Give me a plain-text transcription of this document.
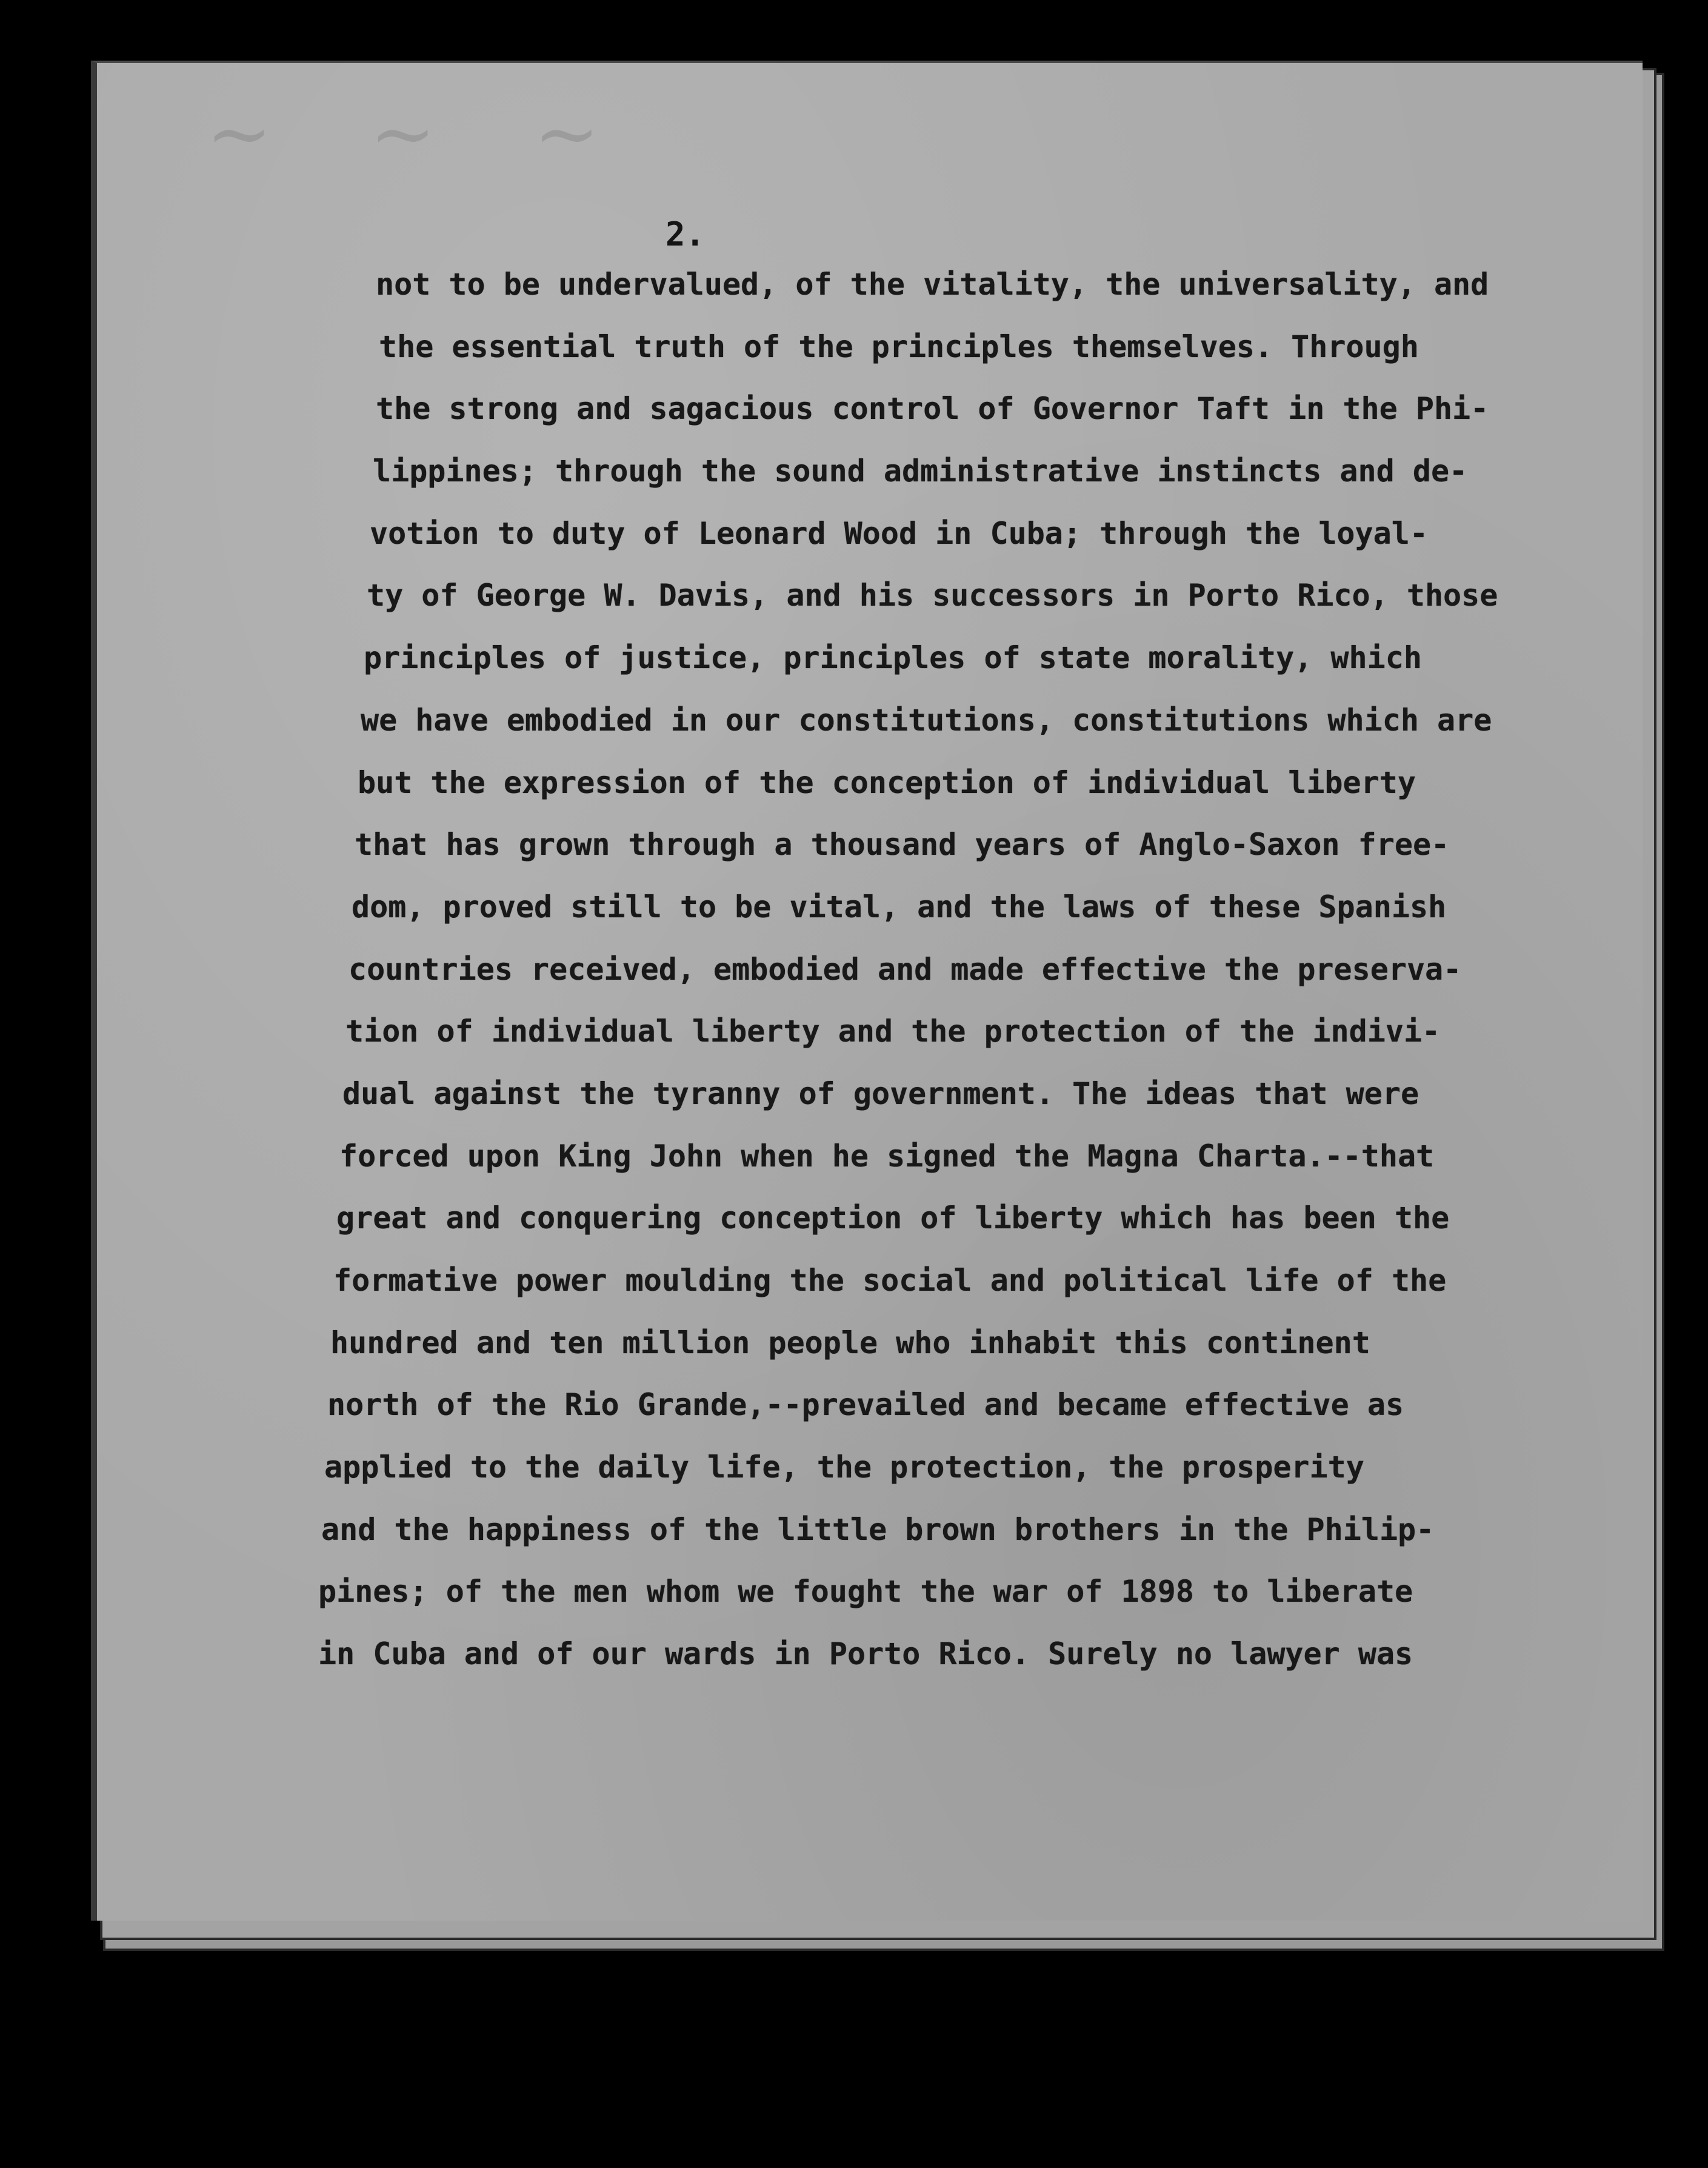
~ ~ ~
2.
not to be undervalued, of the vitality, the universality, and
the essential truth of the principles themselves. Through
the strong and sagacious control of Governor Taft in the Phi-
lippines; through the sound administrative instincts and de-
votion to duty of Leonard Wood in Cuba; through the loyal-
ty of George W. Davis, and his successors in Porto Rico, those
principles of justice, principles of state morality, which
we have embodied in our constitutions, constitutions which are
but the expression of the conception of individual liberty
that has grown through a thousand years of Anglo-Saxon free-
dom, proved still to be vital, and the laws of these Spanish
countries received, embodied and made effective the preserva-
tion of individual liberty and the protection of the indivi-
dual against the tyranny of government. The ideas that were
forced upon King John when he signed the Magna Charta.--that
great and conquering conception of liberty which has been the
formative power moulding the social and political life of the
hundred and ten million people who inhabit this continent
north of the Rio Grande,--prevailed and became effective as
applied to the daily life, the protection, the prosperity
and the happiness of the little brown brothers in the Philip-
pines; of the men whom we fought the war of 1898 to liberate
in Cuba and of our wards in Porto Rico. Surely no lawyer was
